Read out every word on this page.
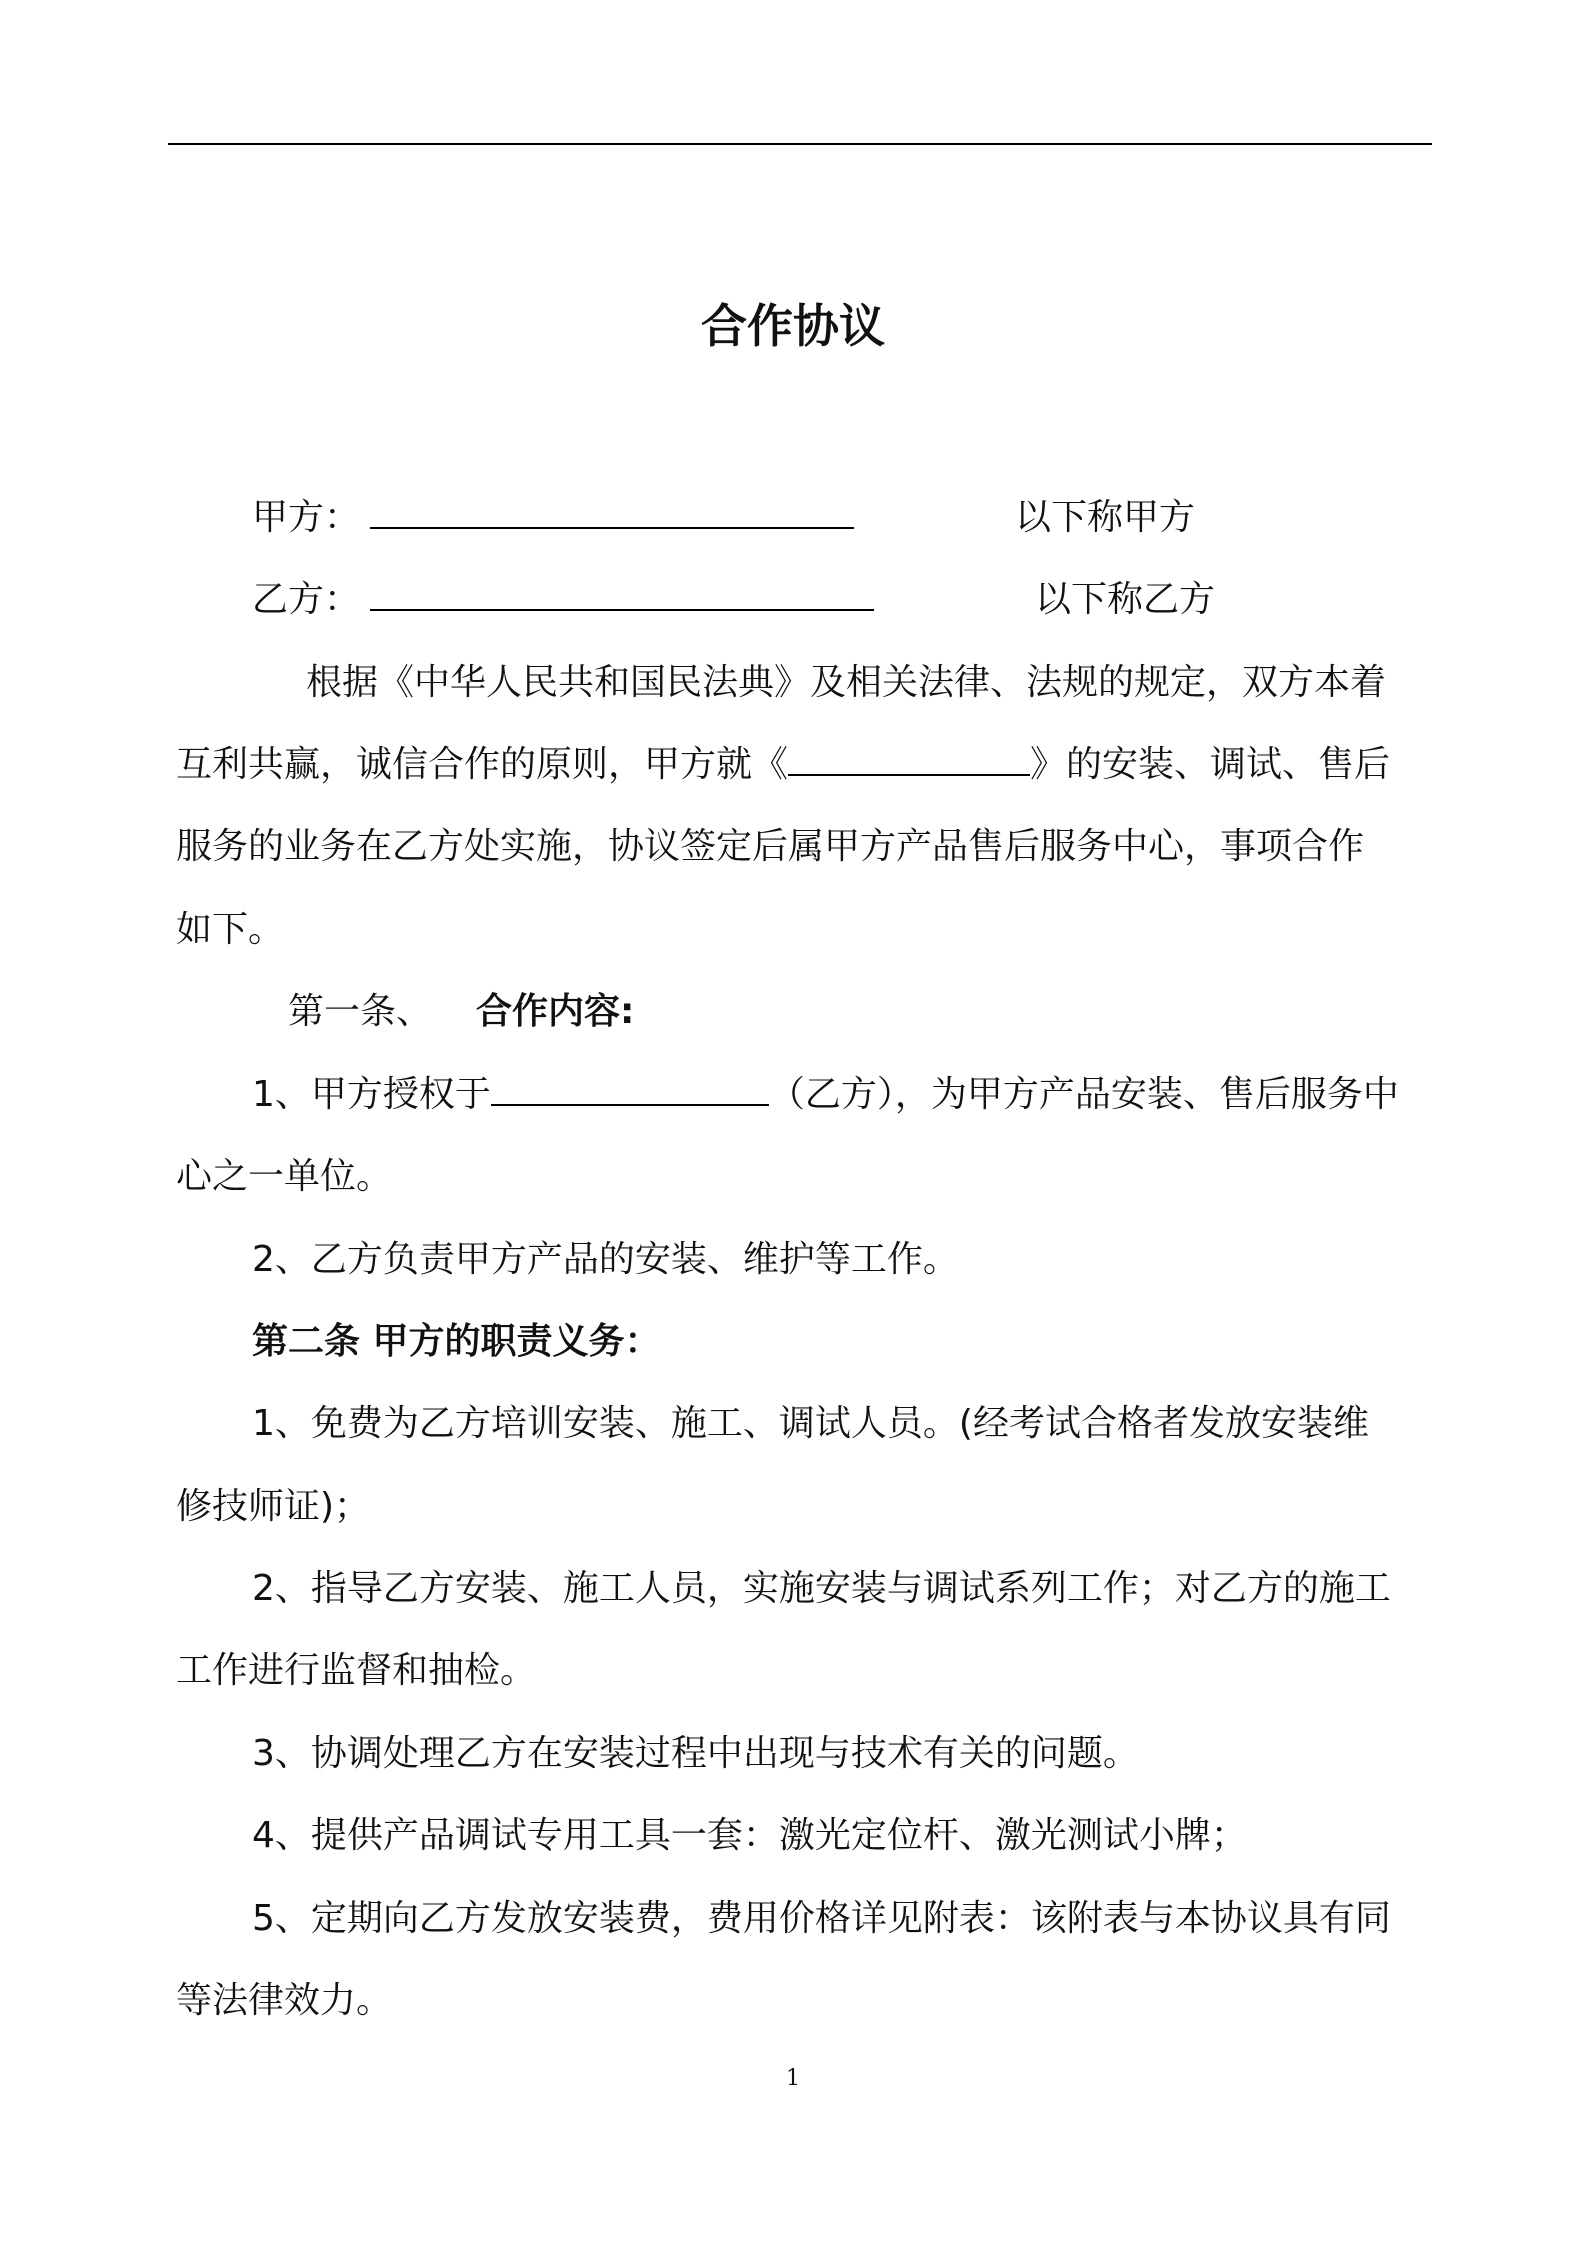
合作协议
甲方：	以下称甲方
乙方：	以下称乙方
根据《中华人民共和国民法典》及相关法律、法规的规定，双方本着
互利共赢，诚信合作的原则，甲方就《	》的安装、调试、售后
服务的业务在乙方处实施，协议签定后属甲方产品售后服务中心，事项合作
如下。
第一条、 合作内容:
1、甲方授权于	（乙方），为甲方产品安装、售后服务中
心之一单位。
2、乙方负责甲方产品的安装、维护等工作。
第二条 甲方的职责义务：
1、免费为乙方培训安装、施工、调试人员。(经考试合格者发放安装维
修技师证)；
2、指导乙方安装、施工人员，实施安装与调试系列工作；对乙方的施工
工作进行监督和抽检。
3、协调处理乙方在安装过程中出现与技术有关的问题。
4、提供产品调试专用工具一套：激光定位杆、激光测试小牌；
5、定期向乙方发放安装费，费用价格详见附表：该附表与本协议具有同
等法律效力。
1
